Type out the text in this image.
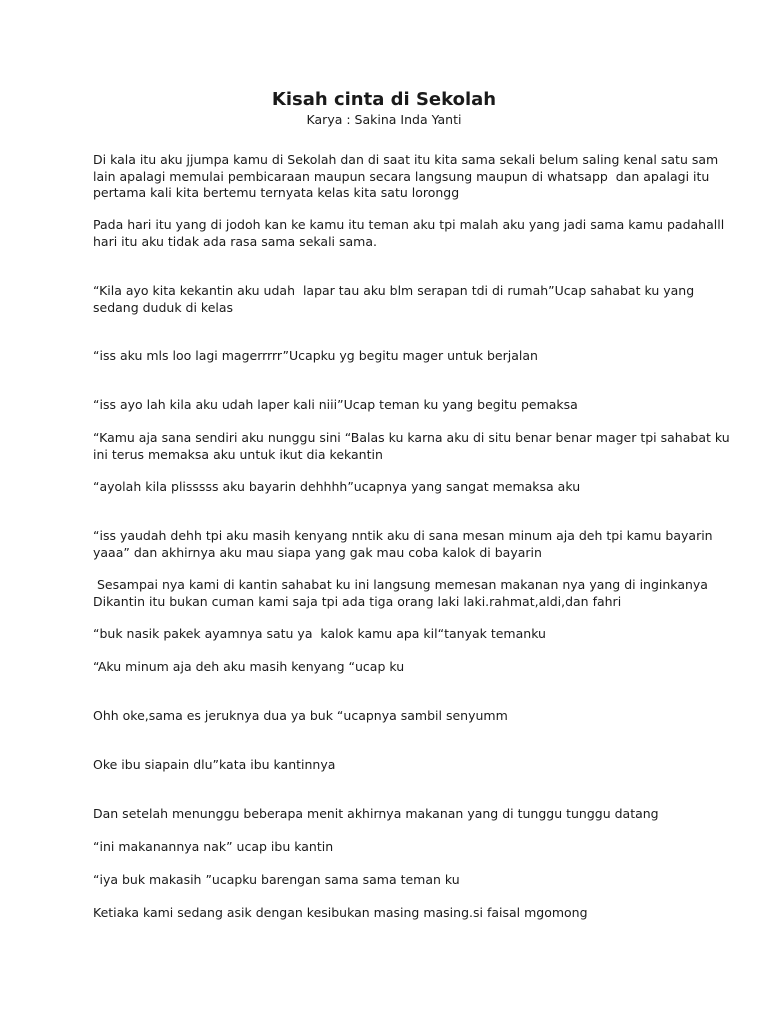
Kisah cinta di Sekolah
Karya : Sakina Inda Yanti

Di kala itu aku jjumpa kamu di Sekolah dan di saat itu kita sama sekali belum saling kenal satu sam
lain apalagi memulai pembicaraan maupun secara langsung maupun di whatsapp  dan apalagi itu
pertama kali kita bertemu ternyata kelas kita satu lorongg

Pada hari itu yang di jodoh kan ke kamu itu teman aku tpi malah aku yang jadi sama kamu padahalll
hari itu aku tidak ada rasa sama sekali sama.

“Kila ayo kita kekantin aku udah  lapar tau aku blm serapan tdi di rumah”Ucap sahabat ku yang
sedang duduk di kelas

“iss aku mls loo lagi magerrrrr”Ucapku yg begitu mager untuk berjalan

“iss ayo lah kila aku udah laper kali niii”Ucap teman ku yang begitu pemaksa

“Kamu aja sana sendiri aku nunggu sini “Balas ku karna aku di situ benar benar mager tpi sahabat ku
ini terus memaksa aku untuk ikut dia kekantin

“ayolah kila plisssss aku bayarin dehhhh”ucapnya yang sangat memaksa aku

“iss yaudah dehh tpi aku masih kenyang nntik aku di sana mesan minum aja deh tpi kamu bayarin
yaaa” dan akhirnya aku mau siapa yang gak mau coba kalok di bayarin

Sesampai nya kami di kantin sahabat ku ini langsung memesan makanan nya yang di inginkanya
Dikantin itu bukan cuman kami saja tpi ada tiga orang laki laki.rahmat,aldi,dan fahri

“buk nasik pakek ayamnya satu ya  kalok kamu apa kil“tanyak temanku

“Aku minum aja deh aku masih kenyang “ucap ku

Ohh oke,sama es jeruknya dua ya buk “ucapnya sambil senyumm

Oke ibu siapain dlu”kata ibu kantinnya

Dan setelah menunggu beberapa menit akhirnya makanan yang di tunggu tunggu datang

“ini makanannya nak” ucap ibu kantin

“iya buk makasih ”ucapku barengan sama sama teman ku

Ketiaka kami sedang asik dengan kesibukan masing masing.si faisal mgomong
